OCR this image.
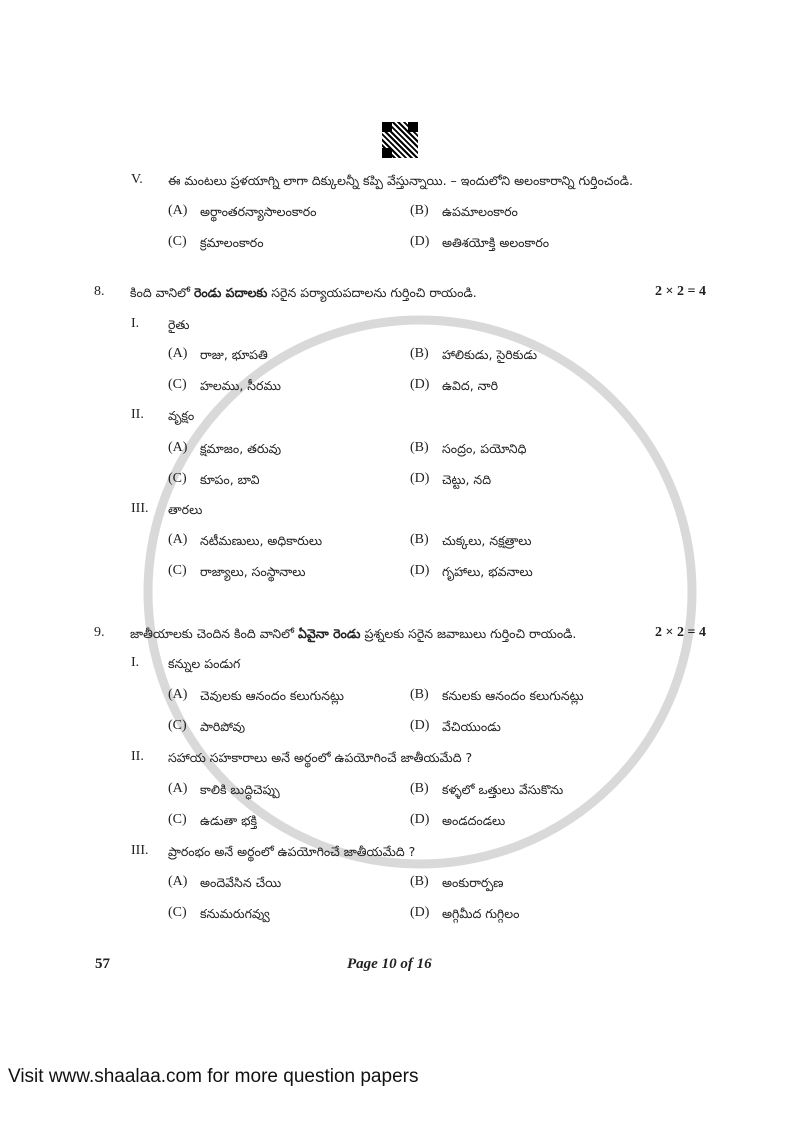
V. ఈ మంటలు ప్రళయాగ్ని లాగా దిక్కులన్నీ కప్పి వేస్తున్నాయి. – ఇందులోని అలంకారాన్ని గుర్తించండి.
(A) అర్థాంతరన్యాసాలంకారం	(B) ఉపమాలంకారం
(C) క్రమాలంకారం	(D) అతిశయోక్తి అలంకారం
8. కింది వానిలో రెండు పదాలకు సరైన పర్యాయపదాలను గుర్తించి రాయండి.	2 × 2 = 4
I. రైతు
(A) రాజు, భూపతి	(B) హాలికుడు, సైరికుడు
(C) హలము, సీరము	(D) ఉవిద, నారి
II. వృక్షం
(A) క్షమాజం, తరువు	(B) సంద్రం, పయోనిధి
(C) కూపం, బావి	(D) చెట్టు, నది
III. తారలు
(A) నటీమణులు, అధికారులు	(B) చుక్కలు, నక్షత్రాలు
(C) రాజ్యాలు, సంస్థానాలు	(D) గృహాలు, భవనాలు
9. జాతీయాలకు చెందిన కింది వానిలో ఏవైనా రెండు ప్రశ్నలకు సరైన జవాబులు గుర్తించి రాయండి.	2 × 2 = 4
I. కన్నుల పండుగ
(A) చెవులకు ఆనందం కలుగునట్లు	(B) కనులకు ఆనందం కలుగునట్లు
(C) పారిపోవు	(D) వేచియుండు
II. సహాయ సహకారాలు అనే అర్థంలో ఉపయోగించే జాతీయమేది ?
(A) కాలికి బుద్ధిచెప్పు	(B) కళ్ళలో ఒత్తులు వేసుకొను
(C) ఉడుతా భక్తి	(D) అండదండలు
III. ప్రారంభం అనే అర్థంలో ఉపయోగించే జాతీయమేది ?
(A) అందెవేసిన చేయి	(B) అంకురార్పణ
(C) కనుమరుగవ్వు	(D) అగ్గిమీద గుగ్గిలం
57	Page 10 of 16
Visit www.shaalaa.com for more question papers
